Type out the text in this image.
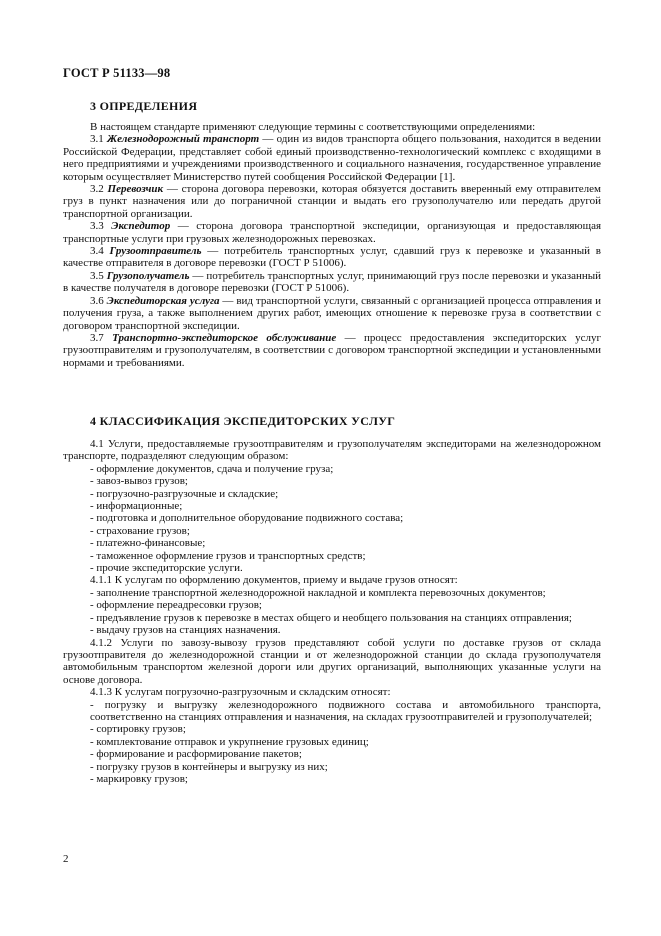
ГОСТ Р 51133—98
3 ОПРЕДЕЛЕНИЯ

В настоящем стандарте применяют следующие термины с соответствующими определениями:

3.1 Железнодорожный транспорт — один из видов транспорта общего пользования, находится в ведении Российской Федерации, представляет собой единый производственно-технологический комплекс с входящими в него предприятиями и учреждениями производственного и социального назначения, государственное управление которым осуществляет Министерство путей сообщения Российской Федерации [1].

3.2 Перевозчик — сторона договора перевозки, которая обязуется доставить вверенный ему отправителем груз в пункт назначения или до пограничной станции и выдать его грузополучателю или передать другой транспортной организации.

3.3 Экспедитор — сторона договора транспортной экспедиции, организующая и предоставляющая транспортные услуги при грузовых железнодорожных перевозках.

3.4 Грузоотправитель — потребитель транспортных услуг, сдавший груз к перевозке и указанный в качестве отправителя в договоре перевозки (ГОСТ Р 51006).

3.5 Грузополучатель — потребитель транспортных услуг, принимающий груз после перевозки и указанный в качестве получателя в договоре перевозки (ГОСТ Р 51006).

3.6 Экспедиторская услуга — вид транспортной услуги, связанный с организацией процесса отправления и получения груза, а также выполнением других работ, имеющих отношение к перевозке груза в соответствии с договором транспортной экспедиции.

3.7 Транспортно-экспедиторское обслуживание — процесс предоставления экспедиторских услуг грузоотправителям и грузополучателям, в соответствии с договором транспортной экспедиции и установленными нормами и требованиями.

4 КЛАССИФИКАЦИЯ ЭКСПЕДИТОРСКИХ УСЛУГ

4.1 Услуги, предоставляемые грузоотправителям и грузополучателям экспедиторами на железнодорожном транспорте, подразделяют следующим образом:

- оформление документов, сдача и получение груза;

- завоз-вывоз грузов;

- погрузочно-разгрузочные и складские;

- информационные;

- подготовка и дополнительное оборудование подвижного состава;

- страхование грузов;

- платежно-финансовые;

- таможенное оформление грузов и транспортных средств;

- прочие экспедиторские услуги.

4.1.1 К услугам по оформлению документов, приему и выдаче грузов относят:

- заполнение транспортной железнодорожной накладной и комплекта перевозочных документов;

- оформление переадресовки грузов;

- предъявление грузов к перевозке в местах общего и необщего пользования на станциях отправления;

- выдачу грузов на станциях назначения.

4.1.2 Услуги по завозу-вывозу грузов представляют собой услуги по доставке грузов от склада грузоотправителя до железнодорожной станции и от железнодорожной станции до склада грузополучателя автомобильным транспортом железной дороги или других организаций, выполняющих указанные услуги на основе договора.

4.1.3 К услугам погрузочно-разгрузочным и складским относят:

- погрузку и выгрузку железнодорожного подвижного состава и автомобильного транспорта, соответственно на станциях отправления и назначения, на складах грузоотправителей и грузополучателей;

- сортировку грузов;

- комплектование отправок и укрупнение грузовых единиц;

- формирование и расформирование пакетов;

- погрузку грузов в контейнеры и выгрузку из них;

- маркировку грузов;

2
